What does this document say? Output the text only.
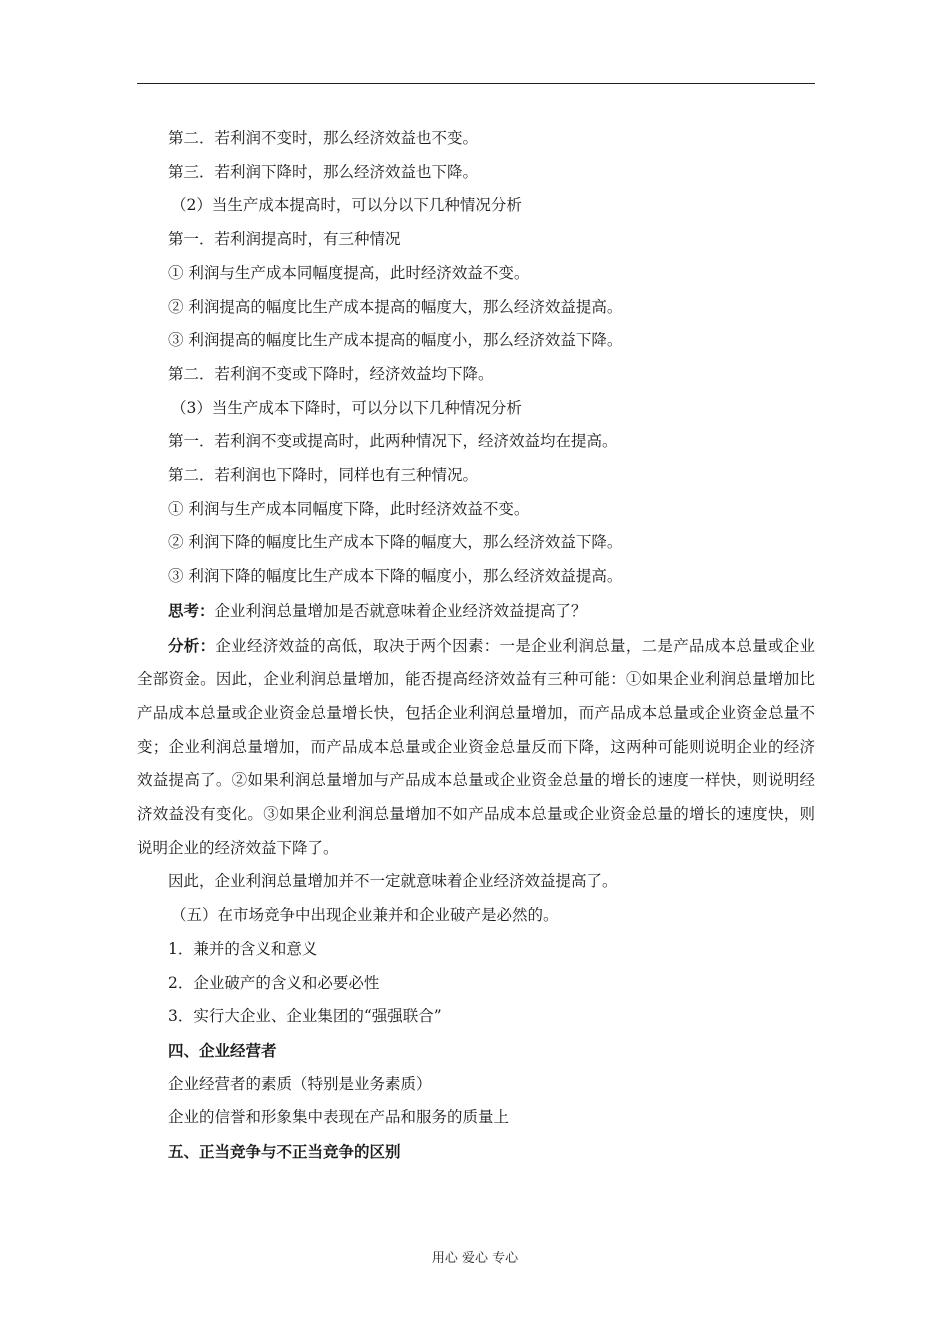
第二．若利润不变时，那么经济效益也不变。

第三．若利润下降时，那么经济效益也下降。

（2）当生产成本提高时，可以分以下几种情况分析

第一．若利润提高时，有三种情况

① 利润与生产成本同幅度提高，此时经济效益不变。

② 利润提高的幅度比生产成本提高的幅度大，那么经济效益提高。

③ 利润提高的幅度比生产成本提高的幅度小，那么经济效益下降。

第二．若利润不变或下降时，经济效益均下降。

（3）当生产成本下降时，可以分以下几种情况分析

第一．若利润不变或提高时，此两种情况下，经济效益均在提高。

第二．若利润也下降时，同样也有三种情况。

① 利润与生产成本同幅度下降，此时经济效益不变。

② 利润下降的幅度比生产成本下降的幅度大，那么经济效益下降。

③ 利润下降的幅度比生产成本下降的幅度小，那么经济效益提高。

思考：企业利润总量增加是否就意味着企业经济效益提高了？

分析：企业经济效益的高低，取决于两个因素：一是企业利润总量，二是产品成本总量或企业全部资金。因此，企业利润总量增加，能否提高经济效益有三种可能：①如果企业利润总量增加比产品成本总量或企业资金总量增长快，包括企业利润总量增加，而产品成本总量或企业资金总量不变；企业利润总量增加，而产品成本总量或企业资金总量反而下降，这两种可能则说明企业的经济效益提高了。②如果利润总量增加与产品成本总量或企业资金总量的增长的速度一样快，则说明经济效益没有变化。③如果企业利润总量增加不如产品成本总量或企业资金总量的增长的速度快，则说明企业的经济效益下降了。

因此，企业利润总量增加并不一定就意味着企业经济效益提高了。

（五）在市场竞争中出现企业兼并和企业破产是必然的。

1．兼并的含义和意义

2．企业破产的含义和必要必性

3．实行大企业、企业集团的“强强联合”

四、企业经营者

企业经营者的素质（特别是业务素质）

企业的信誉和形象集中表现在产品和服务的质量上

五、正当竞争与不正当竞争的区别

用心 爱心 专心
